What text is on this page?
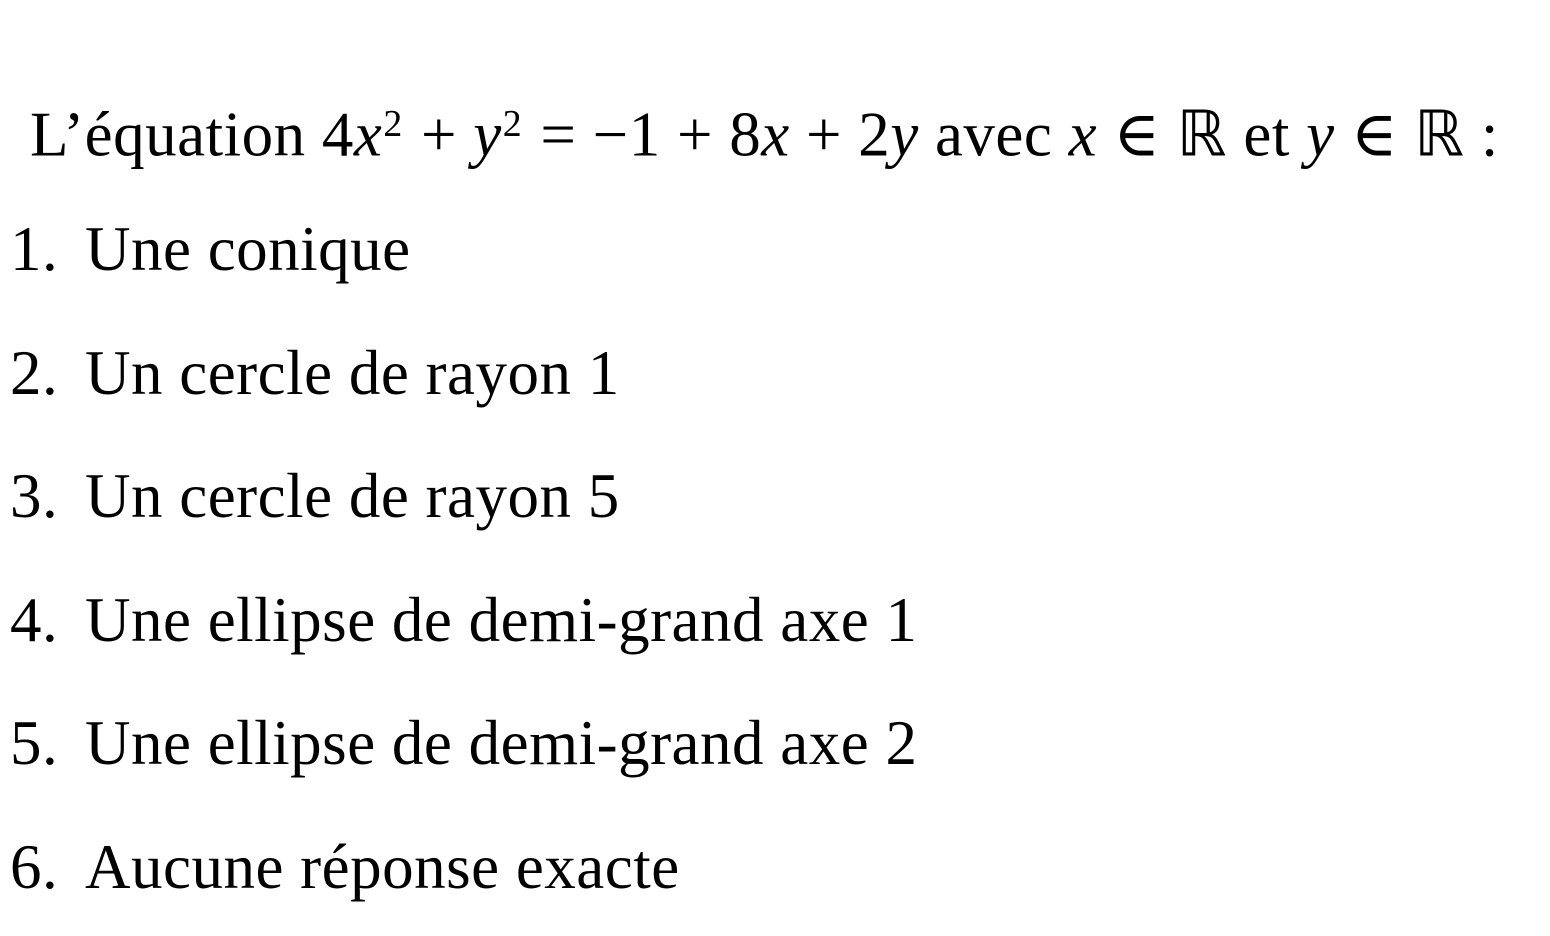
L’équation $4x^2 + y^2 = -1 + 8x + 2y$ avec x ∈ ℝ et y ∈ ℝ :
1. Une conique
2. Un cercle de rayon 1
3. Un cercle de rayon 5
4. Une ellipse de demi-grand axe 1
5. Une ellipse de demi-grand axe 2
6. Aucune réponse exacte
